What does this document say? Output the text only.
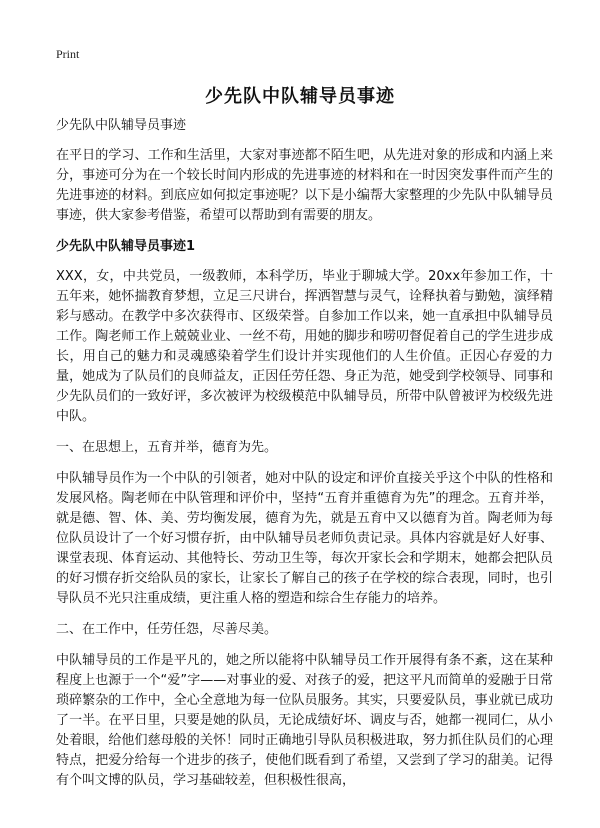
Print
少先队中队辅导员事迹

少先队中队辅导员事迹

在平日的学习、工作和生活里，大家对事迹都不陌生吧，从先进对象的形成和内涵上来分，事迹可分为在一个较长时间内形成的先进事迹的材料和在一时因突发事件而产生的先进事迹的材料。到底应如何拟定事迹呢？以下是小编帮大家整理的少先队中队辅导员事迹，供大家参考借鉴，希望可以帮助到有需要的朋友。

少先队中队辅导员事迹1

XXX，女，中共党员，一级教师，本科学历，毕业于聊城大学。20xx年参加工作，十五年来，她怀揣教育梦想，立足三尺讲台，挥洒智慧与灵气，诠释执着与勤勉，演绎精彩与感动。在教学中多次获得市、区级荣誉。自参加工作以来，她一直承担中队辅导员工作。陶老师工作上兢兢业业、一丝不苟，用她的脚步和唠叨督促着自己的学生进步成长，用自己的魅力和灵魂感染着学生们设计并实现他们的人生价值。正因心存爱的力量，她成为了队员们的良师益友，正因任劳任怨、身正为范，她受到学校领导、同事和少先队员们的一致好评，多次被评为校级模范中队辅导员，所带中队曾被评为校级先进中队。

一、在思想上，五育并举，德育为先。

中队辅导员作为一个中队的引领者，她对中队的设定和评价直接关乎这个中队的性格和发展风格。陶老师在中队管理和评价中，坚持“五育并重德育为先”的理念。五育并举，就是德、智、体、美、劳均衡发展，德育为先，就是五育中又以德育为首。陶老师为每位队员设计了一个好习惯存折，由中队辅导员老师负责记录。具体内容就是好人好事、课堂表现、体育运动、其他特长、劳动卫生等，每次开家长会和学期末，她都会把队员的好习惯存折交给队员的家长，让家长了解自己的孩子在学校的综合表现，同时，也引导队员不光只注重成绩，更注重人格的塑造和综合生存能力的培养。

二、在工作中，任劳任怨，尽善尽美。

中队辅导员的工作是平凡的，她之所以能将中队辅导员工作开展得有条不紊，这在某种程度上也源于一个“爱”字——对事业的爱、对孩子的爱，把这平凡而简单的爱融于日常琐碎繁杂的工作中，全心全意地为每一位队员服务。其实，只要爱队员，事业就已成功了一半。在平日里，只要是她的队员，无论成绩好坏、调皮与否，她都一视同仁，从小处着眼，给他们慈母般的关怀！同时正确地引导队员积极进取，努力抓住队员们的心理特点，把爱分给每一个进步的孩子，使他们既看到了希望，又尝到了学习的甜美。记得有个叫文博的队员，学习基础较差，但积极性很高，
